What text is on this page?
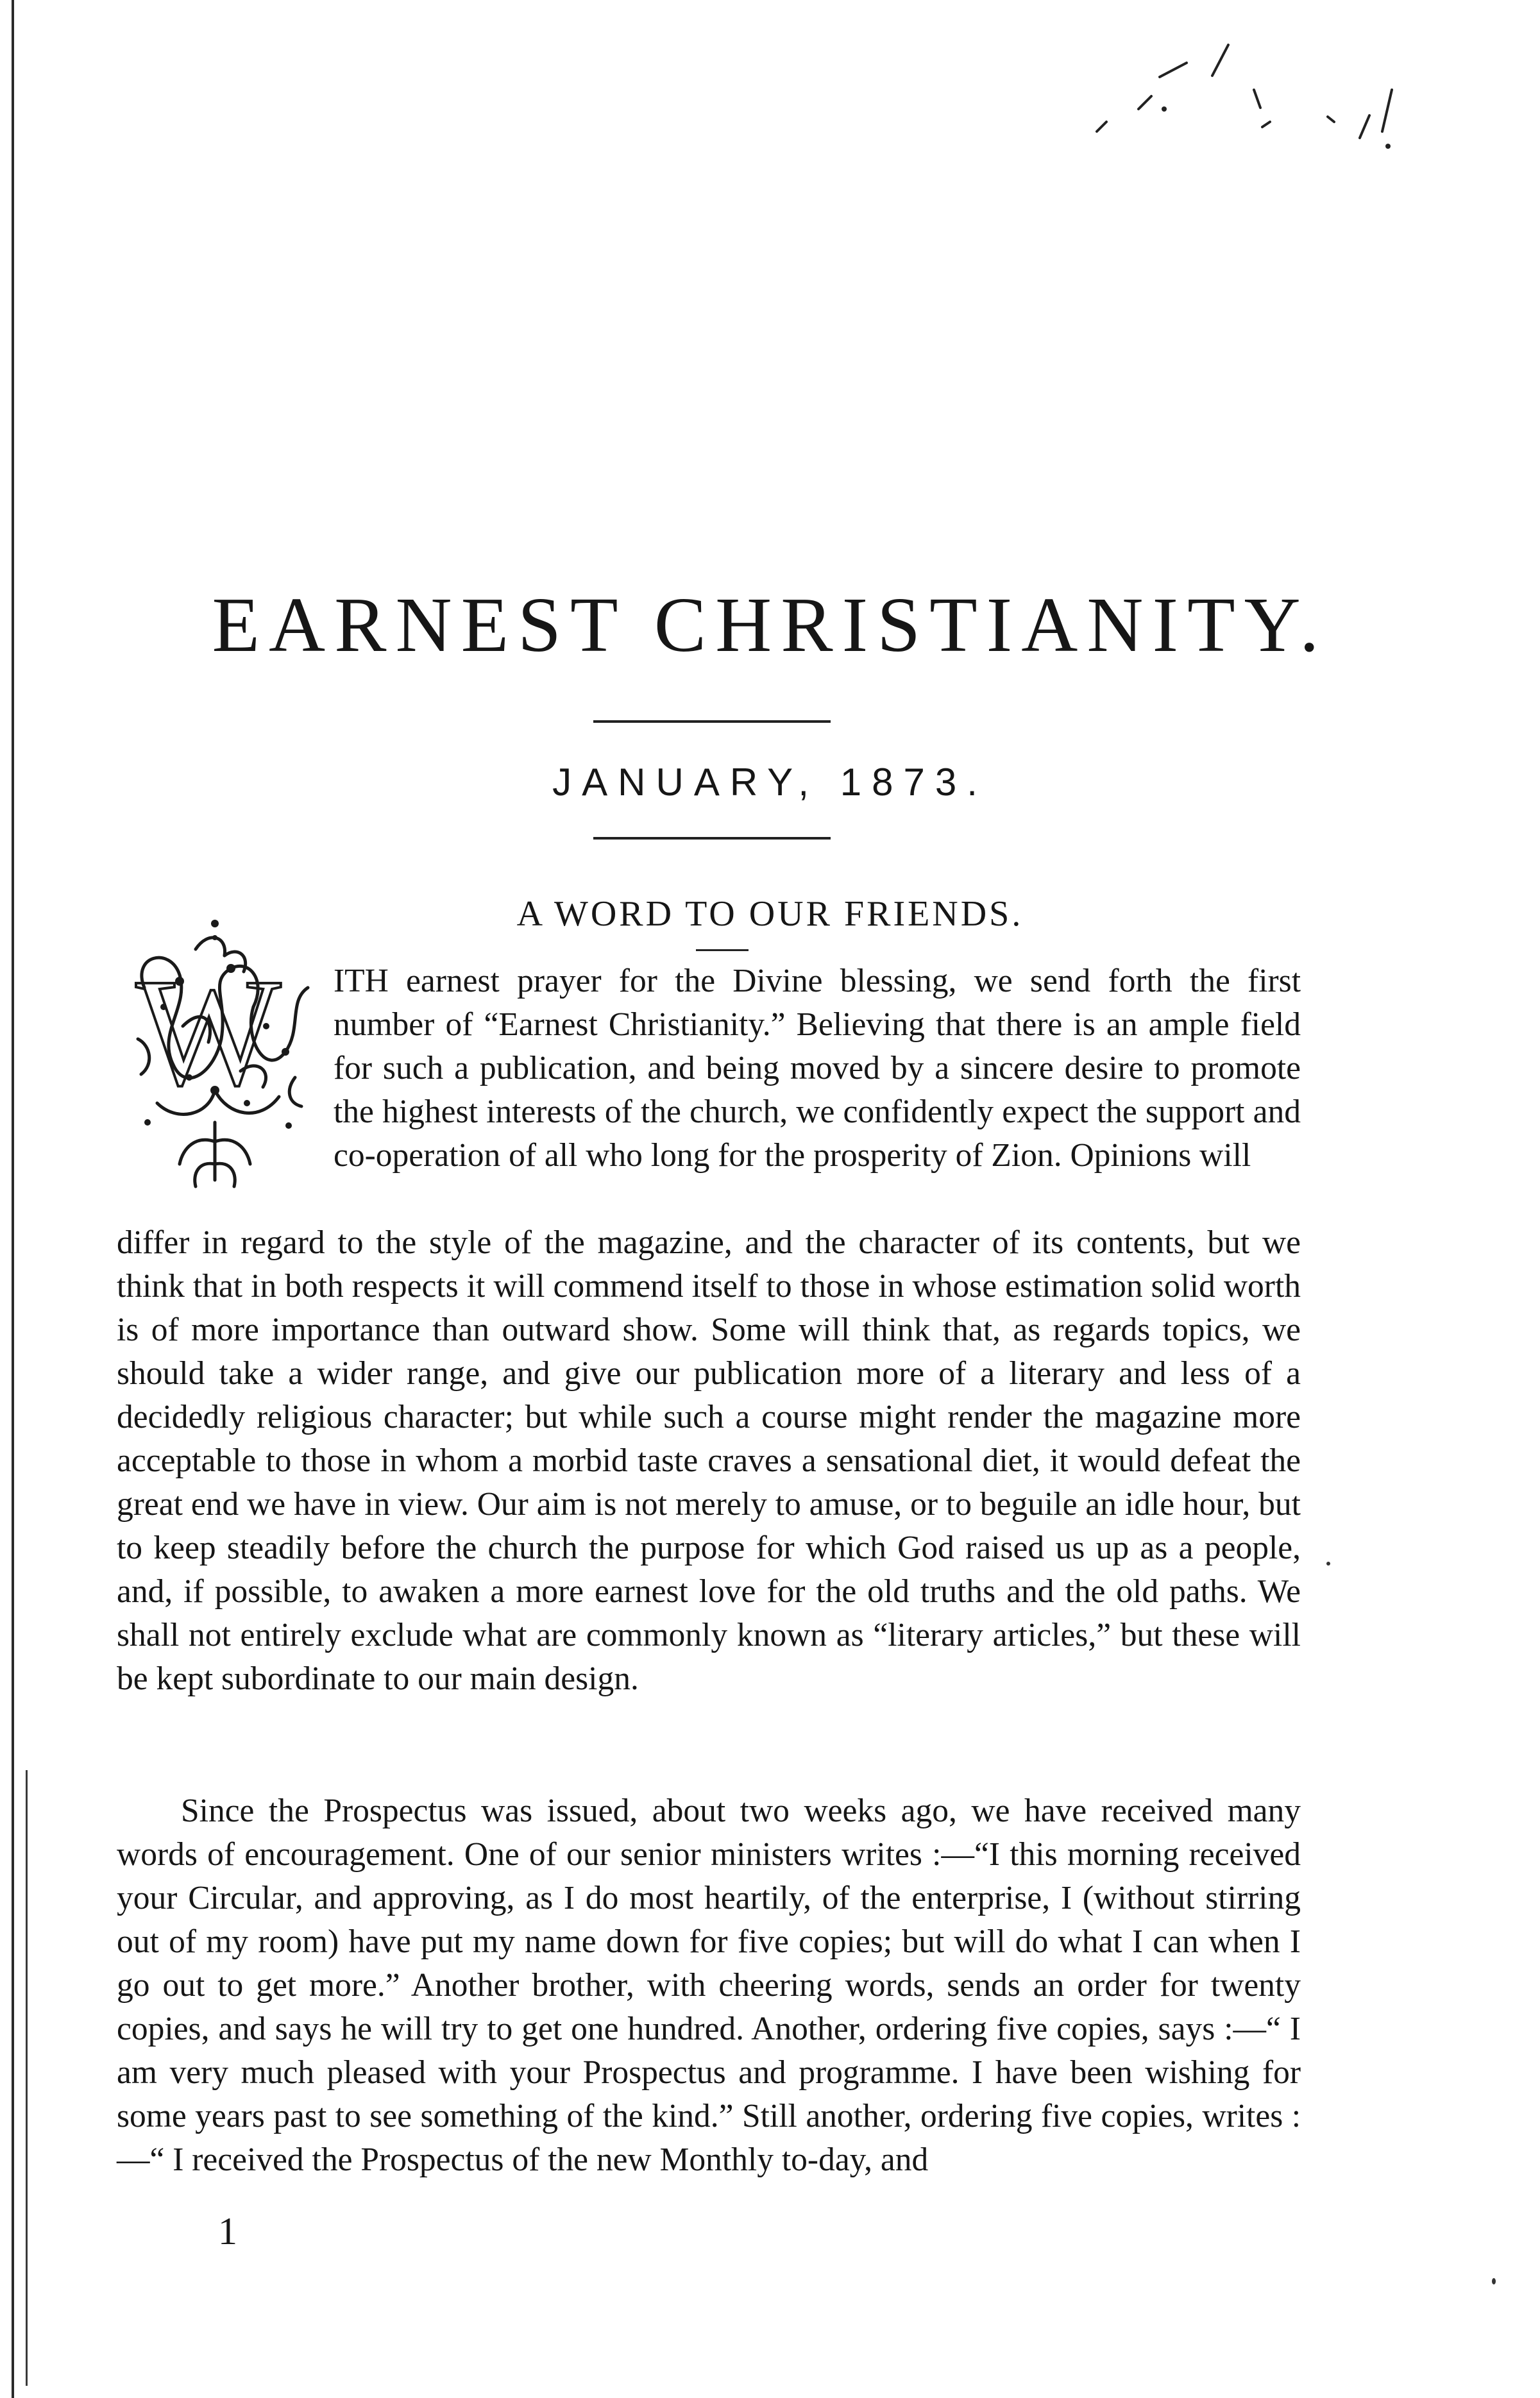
EARNEST CHRISTIANITY.
JANUARY, 1873.
A WORD TO OUR FRIENDS.
W ITH earnest prayer for the Divine blessing, we send forth the first number of “Earnest Christianity.” Believing that there is an ample field for such a publication, and being moved by a sincere desire to promote the highest interests of the church, we confidently expect the support and co-operation of all who long for the prosperity of Zion. Opinions will

differ in regard to the style of the magazine, and the character of its contents, but we think that in both respects it will commend itself to those in whose estimation solid worth is of more importance than outward show. Some will think that, as regards topics, we should take a wider range, and give our publication more of a literary and less of a decidedly religious character; but while such a course might render the magazine more acceptable to those in whom a morbid taste craves a sensational diet, it would defeat the great end we have in view. Our aim is not merely to amuse, or to beguile an idle hour, but to keep steadily before the church the purpose for which God raised us up as a people, and, if possible, to awaken a more earnest love for the old truths and the old paths. We shall not entirely exclude what are commonly known as “literary articles,” but these will be kept subordinate to our main design.

Since the Prospectus was issued, about two weeks ago, we have received many words of encouragement. One of our senior ministers writes :—“I this morning received your Circular, and approving, as I do most heartily, of the enterprise, I (without stirring out of my room) have put my name down for five copies; but will do what I can when I go out to get more.” Another brother, with cheering words, sends an order for twenty copies, and says he will try to get one hundred. Another, ordering five copies, says :—“ I am very much pleased with your Prospectus and programme. I have been wishing for some years past to see something of the kind.” Still another, ordering five copies, writes :—“ I received the Prospectus of the new Monthly to-day, and

1
